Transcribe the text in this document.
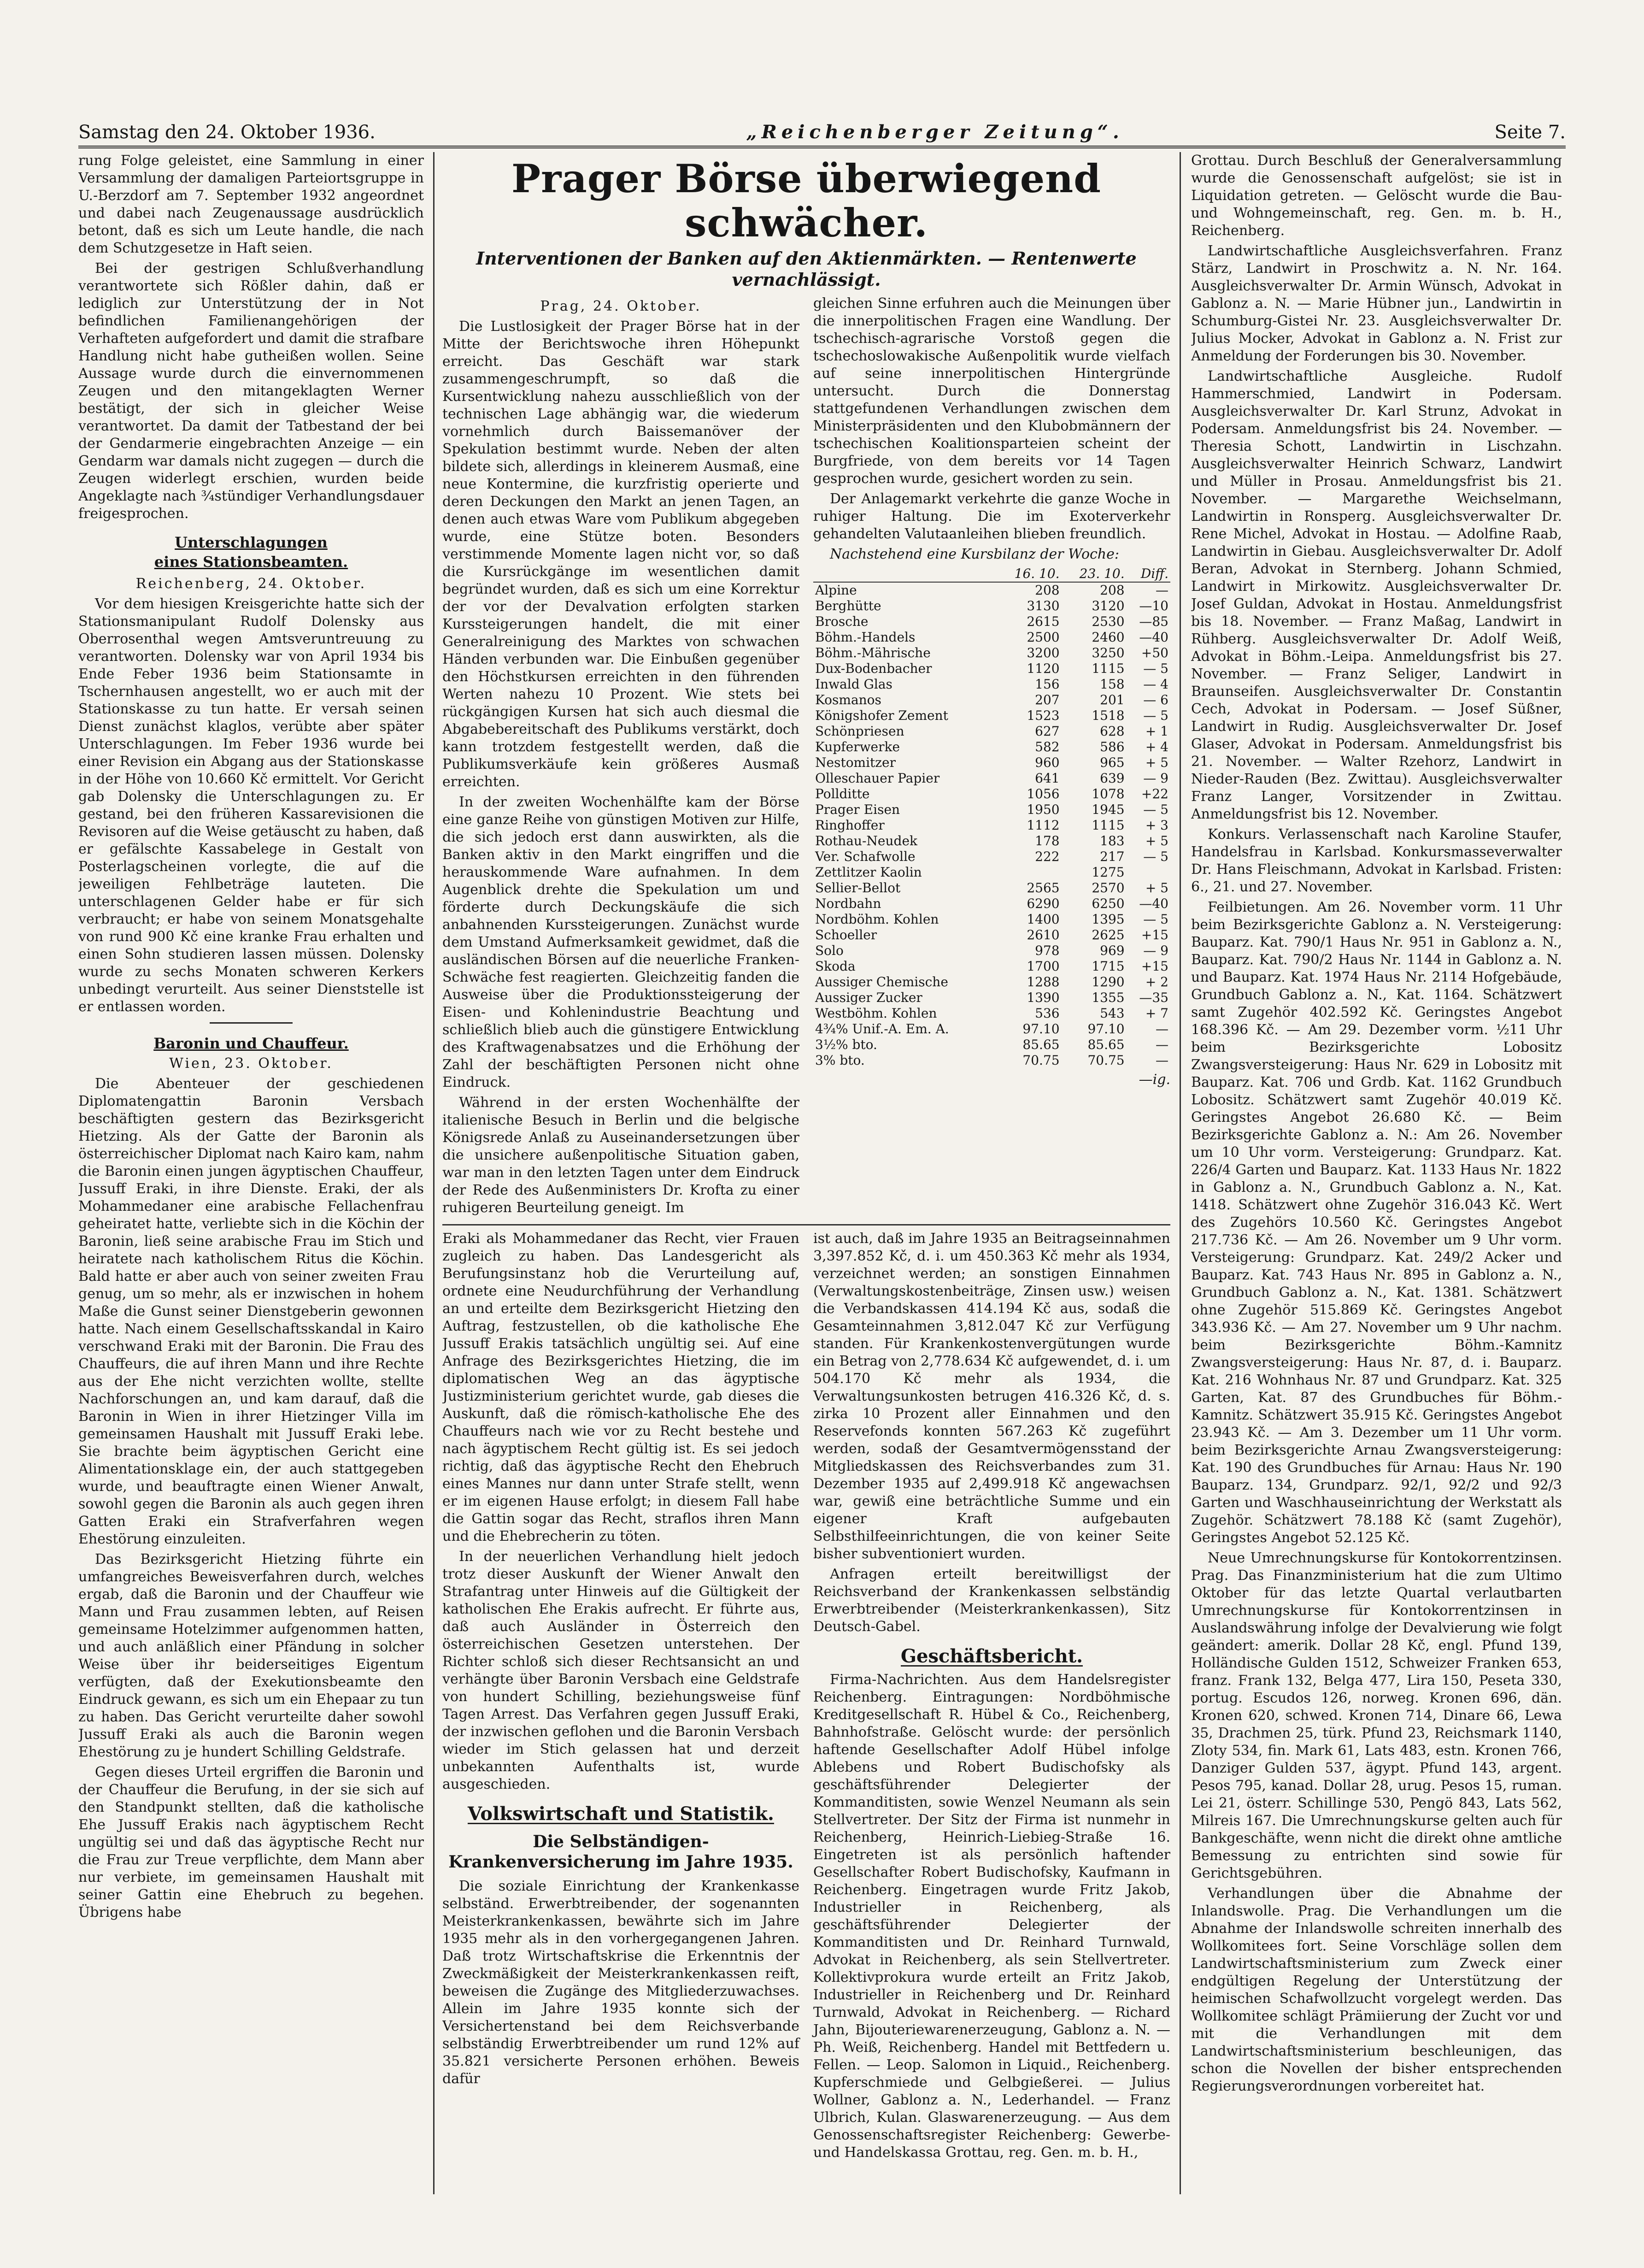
Samstag den 24. Oktober 1936.	„Reichenberger Zeitung“.	Seite 7.

rung Folge geleistet, eine Sammlung in einer Versammlung der damaligen Parteiortsgruppe in U.-Berzdorf am 7. September 1932 angeordnet und dabei nach Zeugenaussage ausdrücklich betont, daß es sich um Leute handle, die nach dem Schutzgesetze in Haft seien.

Bei der gestrigen Schlußverhandlung verantwortete sich Rößler dahin, daß er lediglich zur Unterstützung der in Not befindlichen Familienangehörigen der Verhafteten aufgefordert und damit die strafbare Handlung nicht habe gutheißen wollen. Seine Aussage wurde durch die einvernommenen Zeugen und den mitangeklagten Werner bestätigt, der sich in gleicher Weise verantwortet. Da damit der Tatbestand der bei der Gendarmerie eingebrachten Anzeige — ein Gendarm war damals nicht zugegen — durch die Zeugen widerlegt erschien, wurden beide Angeklagte nach ¾stündiger Verhandlungsdauer freigesprochen.

Unterschlagungen
eines Stationsbeamten.
Reichenberg, 24. Oktober.

Vor dem hiesigen Kreisgerichte hatte sich der Stationsmanipulant Rudolf Dolensky aus Oberrosenthal wegen Amtsveruntreuung zu verantworten. Dolensky war von April 1934 bis Ende Feber 1936 beim Stationsamte in Tschernhausen angestellt, wo er auch mit der Stationskasse zu tun hatte. Er versah seinen Dienst zunächst klaglos, verübte aber später Unterschlagungen. Im Feber 1936 wurde bei einer Revision ein Abgang aus der Stationskasse in der Höhe von 10.660 Kč ermittelt. Vor Gericht gab Dolensky die Unterschlagungen zu. Er gestand, bei den früheren Kassarevisionen die Revisoren auf die Weise getäuscht zu haben, daß er gefälschte Kassabelege in Gestalt von Posterlagscheinen vorlegte, die auf die jeweiligen Fehlbeträge lauteten. Die unterschlagenen Gelder habe er für sich verbraucht; er habe von seinem Monatsgehalte von rund 900 Kč eine kranke Frau erhalten und einen Sohn studieren lassen müssen. Dolensky wurde zu sechs Monaten schweren Kerkers unbedingt verurteilt. Aus seiner Dienststelle ist er entlassen worden.

Baronin und Chauffeur.
Wien, 23. Oktober.

Die Abenteuer der geschiedenen Diplomatengattin Baronin Versbach beschäftigten gestern das Bezirksgericht Hietzing. Als der Gatte der Baronin als österreichischer Diplomat nach Kairo kam, nahm die Baronin einen jungen ägyptischen Chauffeur, Jussuff Eraki, in ihre Dienste. Eraki, der als Mohammedaner eine arabische Fellachenfrau geheiratet hatte, verliebte sich in die Köchin der Baronin, ließ seine arabische Frau im Stich und heiratete nach katholischem Ritus die Köchin. Bald hatte er aber auch von seiner zweiten Frau genug, um so mehr, als er inzwischen in hohem Maße die Gunst seiner Dienstgeberin gewonnen hatte. Nach einem Gesellschaftsskandal in Kairo verschwand Eraki mit der Baronin. Die Frau des Chauffeurs, die auf ihren Mann und ihre Rechte aus der Ehe nicht verzichten wollte, stellte Nachforschungen an, und kam darauf, daß die Baronin in Wien in ihrer Hietzinger Villa im gemeinsamen Haushalt mit Jussuff Eraki lebe. Sie brachte beim ägyptischen Gericht eine Alimentationsklage ein, der auch stattgegeben wurde, und beauftragte einen Wiener Anwalt, sowohl gegen die Baronin als auch gegen ihren Gatten Eraki ein Strafverfahren wegen Ehestörung einzuleiten.

Das Bezirksgericht Hietzing führte ein umfangreiches Beweisverfahren durch, welches ergab, daß die Baronin und der Chauffeur wie Mann und Frau zusammen lebten, auf Reisen gemeinsame Hotelzimmer aufgenommen hatten, und auch anläßlich einer Pfändung in solcher Weise über ihr beiderseitiges Eigentum verfügten, daß der Exekutionsbeamte den Eindruck gewann, es sich um ein Ehepaar zu tun zu haben. Das Gericht verurteilte daher sowohl Jussuff Eraki als auch die Baronin wegen Ehestörung zu je hundert Schilling Geldstrafe.

Gegen dieses Urteil ergriffen die Baronin und der Chauffeur die Berufung, in der sie sich auf den Standpunkt stellten, daß die katholische Ehe Jussuff Erakis nach ägyptischem Recht ungültig sei und daß das ägyptische Recht nur die Frau zur Treue verpflichte, dem Mann aber nur verbiete, im gemeinsamen Haushalt mit seiner Gattin eine Ehebruch zu begehen. Übrigens habe

Prager Börse überwiegend schwächer.
Interventionen der Banken auf den Aktienmärkten. — Rentenwerte vernachlässigt.
Prag, 24. Oktober.

Die Lustlosigkeit der Prager Börse hat in der Mitte der Berichtswoche ihren Höhepunkt erreicht. Das Geschäft war stark zusammengeschrumpft, so daß die Kursentwicklung nahezu ausschließlich von der technischen Lage abhängig war, die wiederum vornehmlich durch Baissemanöver der Spekulation bestimmt wurde. Neben der alten bildete sich, allerdings in kleinerem Ausmaß, eine neue Kontermine, die kurzfristig operierte und deren Deckungen den Markt an jenen Tagen, an denen auch etwas Ware vom Publikum abgegeben wurde, eine Stütze boten. Besonders verstimmende Momente lagen nicht vor, so daß die Kursrückgänge im wesentlichen damit begründet wurden, daß es sich um eine Korrektur der vor der Devalvation erfolgten starken Kurssteigerungen handelt, die mit einer Generalreinigung des Marktes von schwachen Händen verbunden war. Die Einbußen gegenüber den Höchstkursen erreichten in den führenden Werten nahezu 10 Prozent. Wie stets bei rückgängigen Kursen hat sich auch diesmal die Abgabebereitschaft des Publikums verstärkt, doch kann trotzdem festgestellt werden, daß die Publikumsverkäufe kein größeres Ausmaß erreichten.

In der zweiten Wochenhälfte kam der Börse eine ganze Reihe von günstigen Motiven zur Hilfe, die sich jedoch erst dann auswirkten, als die Banken aktiv in den Markt eingriffen und die herauskommende Ware aufnahmen. In dem Augenblick drehte die Spekulation um und förderte durch Deckungskäufe die sich anbahnenden Kurssteigerungen. Zunächst wurde dem Umstand Aufmerksamkeit gewidmet, daß die ausländischen Börsen auf die neuerliche Franken-Schwäche fest reagierten. Gleichzeitig fanden die Ausweise über die Produktionssteigerung der Eisen- und Kohlenindustrie Beachtung und schließlich blieb auch die günstigere Entwicklung des Kraftwagenabsatzes und die Erhöhung der Zahl der beschäftigten Personen nicht ohne Eindruck.

Während in der ersten Wochenhälfte der italienische Besuch in Berlin und die belgische Königsrede Anlaß zu Auseinandersetzungen über die unsichere außenpolitische Situation gaben, war man in den letzten Tagen unter dem Eindruck der Rede des Außenministers Dr. Krofta zu einer ruhigeren Beurteilung geneigt. Im

gleichen Sinne erfuhren auch die Meinungen über die innerpolitischen Fragen eine Wandlung. Der tschechisch-agrarische Vorstoß gegen die tschechoslowakische Außenpolitik wurde vielfach auf seine innerpolitischen Hintergründe untersucht. Durch die Donnerstag stattgefundenen Verhandlungen zwischen dem Ministerpräsidenten und den Klubobmännern der tschechischen Koalitionsparteien scheint der Burgfriede, von dem bereits vor 14 Tagen gesprochen wurde, gesichert worden zu sein.

Der Anlagemarkt verkehrte die ganze Woche in ruhiger Haltung. Die im Exoterverkehr gehandelten Valutaanleihen blieben freundlich.

Nachstehend eine Kursbilanz der Woche:

	16. 10.	23. 10.	Diff.
Alpine	208	208	—
Berghütte	3130	3120	—10
Brosche	2615	2530	—85
Böhm.-Handels	2500	2460	—40
Böhm.-Mährische	3200	3250	+50
Dux-Bodenbacher	1120	1115	— 5
Inwald Glas	156	158	— 4
Kosmanos	207	201	— 6
Königshofer Zement	1523	1518	— 5
Schönpriesen	627	628	+ 1
Kupferwerke	582	586	+ 4
Nestomitzer	960	965	+ 5
Olleschauer Papier	641	639	— 9
Pollditte	1056	1078	+22
Prager Eisen	1950	1945	— 5
Ringhoffer	1112	1115	+ 3
Rothau-Neudek	178	183	+ 5
Ver. Schafwolle	222	217	— 5
Zettlitzer Kaolin		1275	
Sellier-Bellot	2565	2570	+ 5
Nordbahn	6290	6250	—40
Nordböhm. Kohlen	1400	1395	— 5
Schoeller	2610	2625	+15
Solo	978	969	— 9
Skoda	1700	1715	+15
Aussiger Chemische	1288	1290	+ 2
Aussiger Zucker	1390	1355	—35
Westböhm. Kohlen	536	543	+ 7
4¾% Unif.-A. Em. A.	97.10	97.10	—
3½% bto.	85.65	85.65	—
3% bto.	70.75	70.75	—
—ig.

Eraki als Mohammedaner das Recht, vier Frauen zugleich zu haben. Das Landesgericht als Berufungsinstanz hob die Verurteilung auf, ordnete eine Neudurchführung der Verhandlung an und erteilte dem Bezirksgericht Hietzing den Auftrag, festzustellen, ob die katholische Ehe Jussuff Erakis tatsächlich ungültig sei. Auf eine Anfrage des Bezirksgerichtes Hietzing, die im diplomatischen Weg an das ägyptische Justizministerium gerichtet wurde, gab dieses die Auskunft, daß die römisch-katholische Ehe des Chauffeurs nach wie vor zu Recht bestehe und nach ägyptischem Recht gültig ist. Es sei jedoch richtig, daß das ägyptische Recht den Ehebruch eines Mannes nur dann unter Strafe stellt, wenn er im eigenen Hause erfolgt; in diesem Fall habe die Gattin sogar das Recht, straflos ihren Mann und die Ehebrecherin zu töten.

In der neuerlichen Verhandlung hielt jedoch trotz dieser Auskunft der Wiener Anwalt den Strafantrag unter Hinweis auf die Gültigkeit der katholischen Ehe Erakis aufrecht. Er führte aus, daß auch Ausländer in Österreich den österreichischen Gesetzen unterstehen. Der Richter schloß sich dieser Rechtsansicht an und verhängte über Baronin Versbach eine Geldstrafe von hundert Schilling, beziehungsweise fünf Tagen Arrest. Das Verfahren gegen Jussuff Eraki, der inzwischen geflohen und die Baronin Versbach wieder im Stich gelassen hat und derzeit unbekannten Aufenthalts ist, wurde ausgeschieden.

Volkswirtschaft und Statistik.
Die Selbständigen-Krankenversicherung im Jahre 1935.

Die soziale Einrichtung der Krankenkasse selbständ. Erwerbtreibender, der sogenannten Meisterkrankenkassen, bewährte sich im Jahre 1935 mehr als in den vorhergegangenen Jahren. Daß trotz Wirtschaftskrise die Erkenntnis der Zweckmäßigkeit der Meisterkrankenkassen reift, beweisen die Zugänge des Mitgliederzuwachses. Allein im Jahre 1935 konnte sich der Versichertenstand bei dem Reichsverbande selbständig Erwerbtreibender um rund 12% auf 35.821 versicherte Personen erhöhen. Beweis dafür

ist auch, daß im Jahre 1935 an Beitragseinnahmen 3,397.852 Kč, d. i. um 450.363 Kč mehr als 1934, verzeichnet werden; an sonstigen Einnahmen (Verwaltungskostenbeiträge, Zinsen usw.) weisen die Verbandskassen 414.194 Kč aus, sodaß die Gesamteinnahmen 3,812.047 Kč zur Verfügung standen. Für Krankenkostenvergütungen wurde ein Betrag von 2,778.634 Kč aufgewendet, d. i. um 504.170 Kč mehr als 1934, die Verwaltungsunkosten betrugen 416.326 Kč, d. s. zirka 10 Prozent aller Einnahmen und den Reservefonds konnten 567.263 Kč zugeführt werden, sodaß der Gesamtvermögensstand der Mitgliedskassen des Reichsverbandes zum 31. Dezember 1935 auf 2,499.918 Kč angewachsen war, gewiß eine beträchtliche Summe und ein eigener Kraft aufgebauten Selbsthilfeeinrichtungen, die von keiner Seite bisher subventioniert wurden.

Anfragen erteilt bereitwilligst der Reichsverband der Krankenkassen selbständig Erwerbtreibender (Meisterkrankenkassen), Sitz Deutsch-Gabel.

Geschäftsbericht.

Firma-Nachrichten. Aus dem Handelsregister Reichenberg. Eintragungen: Nordböhmische Kreditgesellschaft R. Hübel & Co., Reichenberg, Bahnhofstraße. Gelöscht wurde: der persönlich haftende Gesellschafter Adolf Hübel infolge Ablebens und Robert Budischofsky als geschäftsführender Delegierter der Kommanditisten, sowie Wenzel Neumann als sein Stellvertreter. Der Sitz der Firma ist nunmehr in Reichenberg, Heinrich-Liebieg-Straße 16. Eingetreten ist als persönlich haftender Gesellschafter Robert Budischofsky, Kaufmann in Reichenberg. Eingetragen wurde Fritz Jakob, Industrieller in Reichenberg, als geschäftsführender Delegierter der Kommanditisten und Dr. Reinhard Turnwald, Advokat in Reichenberg, als sein Stellvertreter. Kollektivprokura wurde erteilt an Fritz Jakob, Industrieller in Reichenberg und Dr. Reinhard Turnwald, Advokat in Reichenberg. — Richard Jahn, Bijouteriewarenerzeugung, Gablonz a. N. — Ph. Weiß, Reichenberg. Handel mit Bettfedern u. Fellen. — Leop. Salomon in Liquid., Reichenberg. Kupferschmiede und Gelbgießerei. — Julius Wollner, Gablonz a. N., Lederhandel. — Franz Ulbrich, Kulan. Glaswarenerzeugung. — Aus dem Genossenschaftsregister Reichenberg: Gewerbe- und Handelskassa Grottau, reg. Gen. m. b. H.,

Grottau. Durch Beschluß der Generalversammlung wurde die Genossenschaft aufgelöst; sie ist in Liquidation getreten. — Gelöscht wurde die Bau- und Wohngemeinschaft, reg. Gen. m. b. H., Reichenberg.

Landwirtschaftliche Ausgleichsverfahren. Franz Stärz, Landwirt in Proschwitz a. N. Nr. 164. Ausgleichsverwalter Dr. Armin Wünsch, Advokat in Gablonz a. N. — Marie Hübner jun., Landwirtin in Schumburg-Gistei Nr. 23. Ausgleichsverwalter Dr. Julius Mocker, Advokat in Gablonz a. N. Frist zur Anmeldung der Forderungen bis 30. November.

Landwirtschaftliche Ausgleiche. Rudolf Hammerschmied, Landwirt in Podersam. Ausgleichsverwalter Dr. Karl Strunz, Advokat in Podersam. Anmeldungsfrist bis 24. November. — Theresia Schott, Landwirtin in Lischzahn. Ausgleichsverwalter Heinrich Schwarz, Landwirt und Müller in Prosau. Anmeldungsfrist bis 21. November. — Margarethe Weichselmann, Landwirtin in Ronsperg. Ausgleichsverwalter Dr. Rene Michel, Advokat in Hostau. — Adolfine Raab, Landwirtin in Giebau. Ausgleichsverwalter Dr. Adolf Beran, Advokat in Sternberg. Johann Schmied, Landwirt in Mirkowitz. Ausgleichsverwalter Dr. Josef Guldan, Advokat in Hostau. Anmeldungsfrist bis 18. November. — Franz Maßag, Landwirt in Rühberg. Ausgleichsverwalter Dr. Adolf Weiß, Advokat in Böhm.-Leipa. Anmeldungsfrist bis 27. November. — Franz Seliger, Landwirt in Braunseifen. Ausgleichsverwalter Dr. Constantin Cech, Advokat in Podersam. — Josef Süßner, Landwirt in Rudig. Ausgleichsverwalter Dr. Josef Glaser, Advokat in Podersam. Anmeldungsfrist bis 21. November. — Walter Rzehorz, Landwirt in Nieder-Rauden (Bez. Zwittau). Ausgleichsverwalter Franz Langer, Vorsitzender in Zwittau. Anmeldungsfrist bis 12. November.

Konkurs. Verlassenschaft nach Karoline Staufer, Handelsfrau in Karlsbad. Konkursmasseverwalter Dr. Hans Fleischmann, Advokat in Karlsbad. Fristen: 6., 21. und 27. November.

Feilbietungen. Am 26. November vorm. 11 Uhr beim Bezirksgerichte Gablonz a. N. Versteigerung: Bauparz. Kat. 790/1 Haus Nr. 951 in Gablonz a. N., Bauparz. Kat. 790/2 Haus Nr. 1144 in Gablonz a. N. und Bauparz. Kat. 1974 Haus Nr. 2114 Hofgebäude, Grundbuch Gablonz a. N., Kat. 1164. Schätzwert samt Zugehör 402.592 Kč. Geringstes Angebot 168.396 Kč. — Am 29. Dezember vorm. ½11 Uhr beim Bezirksgerichte Lobositz Zwangsversteigerung: Haus Nr. 629 in Lobositz mit Bauparz. Kat. 706 und Grdb. Kat. 1162 Grundbuch Lobositz. Schätzwert samt Zugehör 40.019 Kč. Geringstes Angebot 26.680 Kč. — Beim Bezirksgerichte Gablonz a. N.: Am 26. November um 10 Uhr vorm. Versteigerung: Grundparz. Kat. 226/4 Garten und Bauparz. Kat. 1133 Haus Nr. 1822 in Gablonz a. N., Grundbuch Gablonz a. N., Kat. 1418. Schätzwert ohne Zugehör 316.043 Kč. Wert des Zugehörs 10.560 Kč. Geringstes Angebot 217.736 Kč. — Am 26. November um 9 Uhr vorm. Versteigerung: Grundparz. Kat. 249/2 Acker und Bauparz. Kat. 743 Haus Nr. 895 in Gablonz a. N., Grundbuch Gablonz a. N., Kat. 1381. Schätzwert ohne Zugehör 515.869 Kč. Geringstes Angebot 343.936 Kč. — Am 27. November um 9 Uhr nachm. beim Bezirksgerichte Böhm.-Kamnitz Zwangsversteigerung: Haus Nr. 87, d. i. Bauparz. Kat. 216 Wohnhaus Nr. 87 und Grundparz. Kat. 325 Garten, Kat. 87 des Grundbuches für Böhm.-Kamnitz. Schätzwert 35.915 Kč. Geringstes Angebot 23.943 Kč. — Am 3. Dezember um 11 Uhr vorm. beim Bezirksgerichte Arnau Zwangsversteigerung: Kat. 190 des Grundbuches für Arnau: Haus Nr. 190 Bauparz. 134, Grundparz. 92/1, 92/2 und 92/3 Garten und Waschhauseinrichtung der Werkstatt als Zugehör. Schätzwert 78.188 Kč (samt Zugehör), Geringstes Angebot 52.125 Kč.

Neue Umrechnungskurse für Kontokorrentzinsen. Prag. Das Finanzministerium hat die zum Ultimo Oktober für das letzte Quartal verlautbarten Umrechnungskurse für Kontokorrentzinsen in Auslandswährung infolge der Devalvierung wie folgt geändert: amerik. Dollar 28 Kč, engl. Pfund 139, Holländische Gulden 1512, Schweizer Franken 653, franz. Frank 132, Belga 477, Lira 150, Peseta 330, portug. Escudos 126, norweg. Kronen 696, dän. Kronen 620, schwed. Kronen 714, Dinare 66, Lewa 35, Drachmen 25, türk. Pfund 23, Reichsmark 1140, Zloty 534, fin. Mark 61, Lats 483, estn. Kronen 766, Danziger Gulden 537, ägypt. Pfund 143, argent. Pesos 795, kanad. Dollar 28, urug. Pesos 15, ruman. Lei 21, österr. Schillinge 530, Pengö 843, Lats 562, Milreis 167. Die Umrechnungskurse gelten auch für Bankgeschäfte, wenn nicht die direkt ohne amtliche Bemessung zu entrichten sind sowie für Gerichtsgebühren.

Verhandlungen über die Abnahme der Inlandswolle. Prag. Die Verhandlungen um die Abnahme der Inlandswolle schreiten innerhalb des Wollkomitees fort. Seine Vorschläge sollen dem Landwirtschaftsministerium zum Zweck einer endgültigen Regelung der Unterstützung der heimischen Schafwollzucht vorgelegt werden. Das Wollkomitee schlägt Prämiierung der Zucht vor und mit die Verhandlungen mit dem Landwirtschaftsministerium beschleunigen, das schon die Novellen der bisher entsprechenden Regierungsverordnungen vorbereitet hat.
